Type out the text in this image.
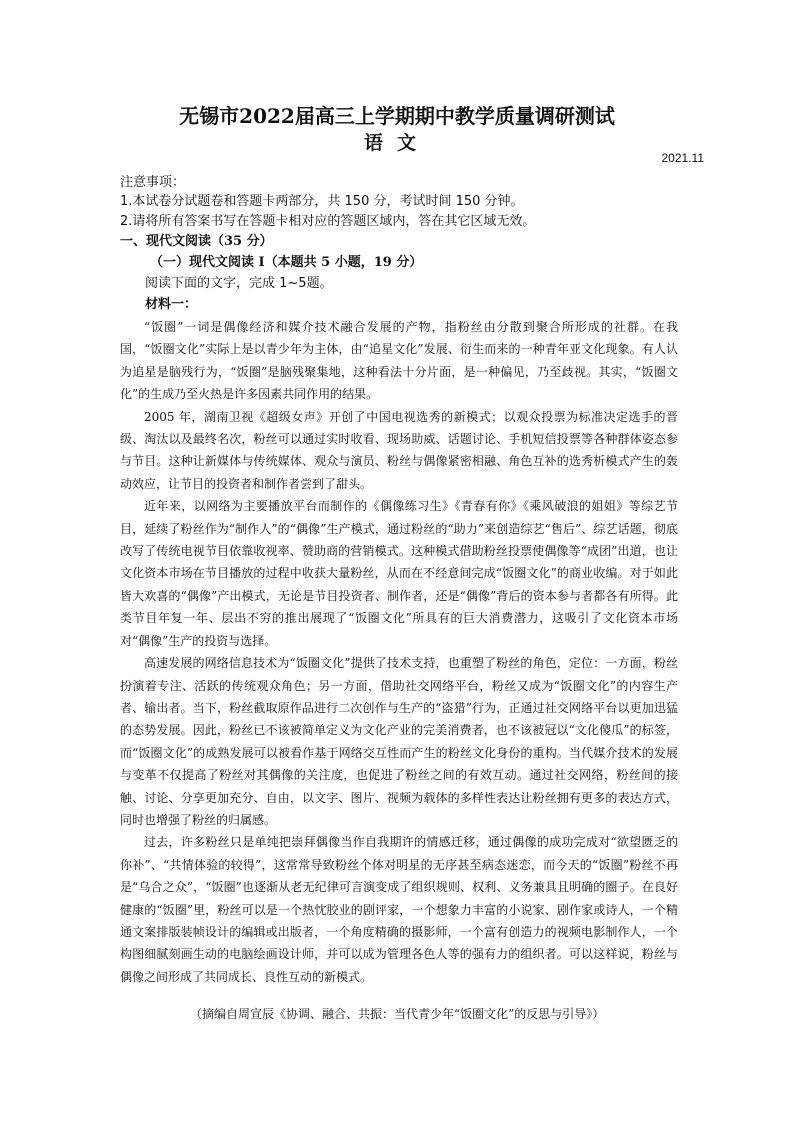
无锡市2022届高三上学期期中教学质量调研测试
语文
2021.11
注意事项：
1.本试卷分试题卷和答题卡两部分，共 150 分，考试时间 150 分钟。
2.请将所有答案书写在答题卡相对应的答题区域内，答在其它区域无效。
一、现代文阅读（35 分）
（一）现代文阅读 I（本题共 5 小题，19 分）
阅读下面的文字，完成 1~5题。
材料一：

“饭圈”一词是偶像经济和媒介技术融合发展的产物，指粉丝由分散到聚合所形成的社群。在我国，“饭圈文化”实际上是以青少年为主体，由“追星文化”发展、衍生而来的一种青年亚文化现象。有人认为追星是脑残行为，“饭圈”是脑残聚集地，这种看法十分片面，是一种偏见，乃至歧视。其实，“饭圈文化”的生成乃至火热是许多因素共同作用的结果。

2005 年，湖南卫视《超级女声》开创了中国电视选秀的新模式；以观众投票为标准决定选手的晋级、淘汰以及最终名次，粉丝可以通过实时收看、现场助威、话题讨论、手机短信投票等各种群体姿态参与节目。这种让新媒体与传统媒体、观众与演员、粉丝与偶像紧密相融、角色互补的选秀析模式产生的轰动效应，让节目的投资者和制作者尝到了甜头。

近年来，以网络为主要播放平台而制作的《偶像练习生》《青春有你》《乘风破浪的姐姐》等综艺节目，延续了粉丝作为“制作人”的“偶像”生产模式，通过粉丝的“助力”来创造综艺“售后”、综艺话题，彻底改写了传统电视节目依靠收视率、赞助商的营销模式。这种模式借助粉丝投票使偶像等“成团”出道，也让文化资本市场在节目播放的过程中收获大量粉丝，从而在不经意间完成“饭圈文化”的商业收编。对于如此皆大欢喜的“偶像”产出模式，无论是节目投资者、制作者，还是“偶像”背后的资本参与者都各有所得。此类节目年复一年、层出不穷的推出展现了“饭圈文化”所具有的巨大消费潜力，这吸引了文化资本市场对“偶像”生产的投资与选择。

高速发展的网络信息技术为“饭圈文化”提供了技术支持，也重塑了粉丝的角色，定位：一方面，粉丝扮演着专注、活跃的传统观众角色；另一方面，借助社交网络平台，粉丝又成为“饭圈文化”的内容生产者、输出者。当下，粉丝截取原作品进行二次创作与生产的“盗猎”行为，正通过社交网络平台以更加迅猛的态势发展。因此，粉丝已不该被简单定义为文化产业的完美消费者，也不该被冠以“文化傻瓜”的标签，而“饭圈文化”的成熟发展可以被看作基于网络交互性而产生的粉丝文化身份的重构。当代媒介技术的发展与变革不仅提高了粉丝对其偶像的关注度，也促进了粉丝之间的有效互动。通过社交网络，粉丝间的接触、讨论、分享更加充分、自由，以文字、图片、视频为载体的多样性表达让粉丝拥有更多的表达方式，同时也增强了粉丝的归属感。

过去，许多粉丝只是单纯把崇拜偶像当作自我期许的情感迁移，通过偶像的成功完成对“欲望匮乏的你补”、“共情体验的较得”，这常常导致粉丝个体对明星的无序甚至病态迷恋，而今天的“饭圈”粉丝不再是“乌合之众”，“饭圈”也逐渐从老无纪律可言演变成了组织规则、权利、义务兼具且明确的圈子。在良好健康的“饭圈”里，粉丝可以是一个热忱胶业的剧评家，一个想象力丰富的小说家、剧作家或诗人，一个精通文案排版装帧设计的编辑或出版者，一个角度精确的摄影师，一个富有创造力的视频电影制作人，一个构图细腻刻画生动的电脑绘画设计师，并可以成为管理各色人等的强有力的组织者。可以这样说，粉丝与偶像之间形成了共同成长、良性互动的新模式。

（摘编自周宣辰《协调、融合、共振：当代青少年“饭圈文化”的反思与引导》）
